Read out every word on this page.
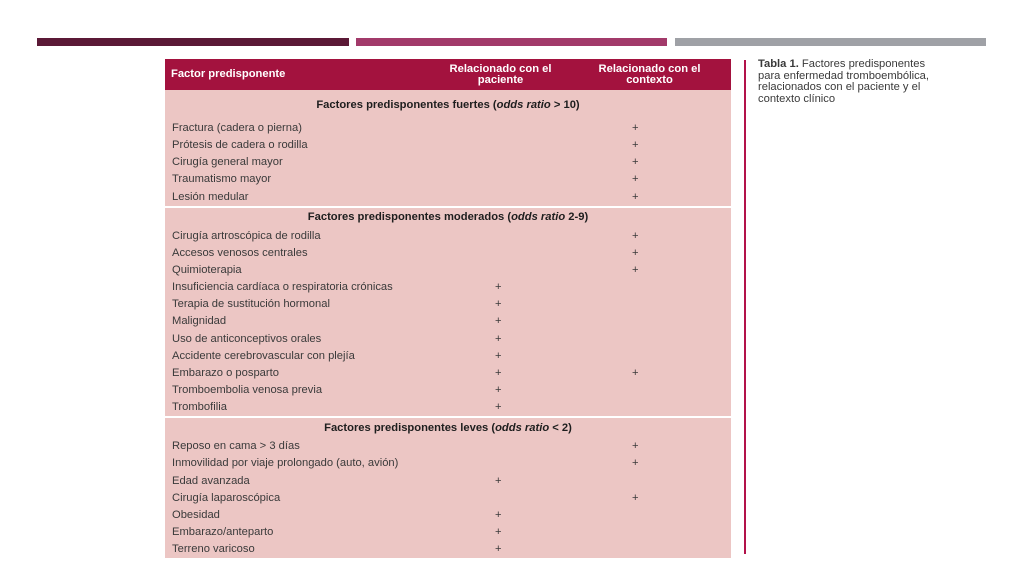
Factor predisponente	Relacionado con el paciente	Relacionado con el contexto
Factores predisponentes fuertes (odds ratio > 10)		
Fractura (cadera o pierna)		+
Prótesis de cadera o rodilla		+
Cirugía general mayor		+
Traumatismo mayor		+
Lesión medular		+
Factores predisponentes moderados (odds ratio 2-9)		
Cirugía artroscópica de rodilla		+
Accesos venosos centrales		+
Quimioterapia		+
Insuficiencia cardíaca o respiratoria crónicas	+	
Terapia de sustitución hormonal	+	
Malignidad	+	
Uso de anticonceptivos orales	+	
Accidente cerebrovascular con plejía	+	
Embarazo o posparto	+	+
Tromboembolia venosa previa	+	
Trombofilia	+	
Factores predisponentes leves (odds ratio < 2)		
Reposo en cama > 3 días		+
Inmovilidad por viaje prolongado (auto, avión)		+
Edad avanzada	+	
Cirugía laparoscópica		+
Obesidad	+	
Embarazo/anteparto	+	
Terreno varicoso	+	
Tabla 1. Factores predisponentes para enfermedad tromboembólica, relacionados con el paciente y el contexto clínico
